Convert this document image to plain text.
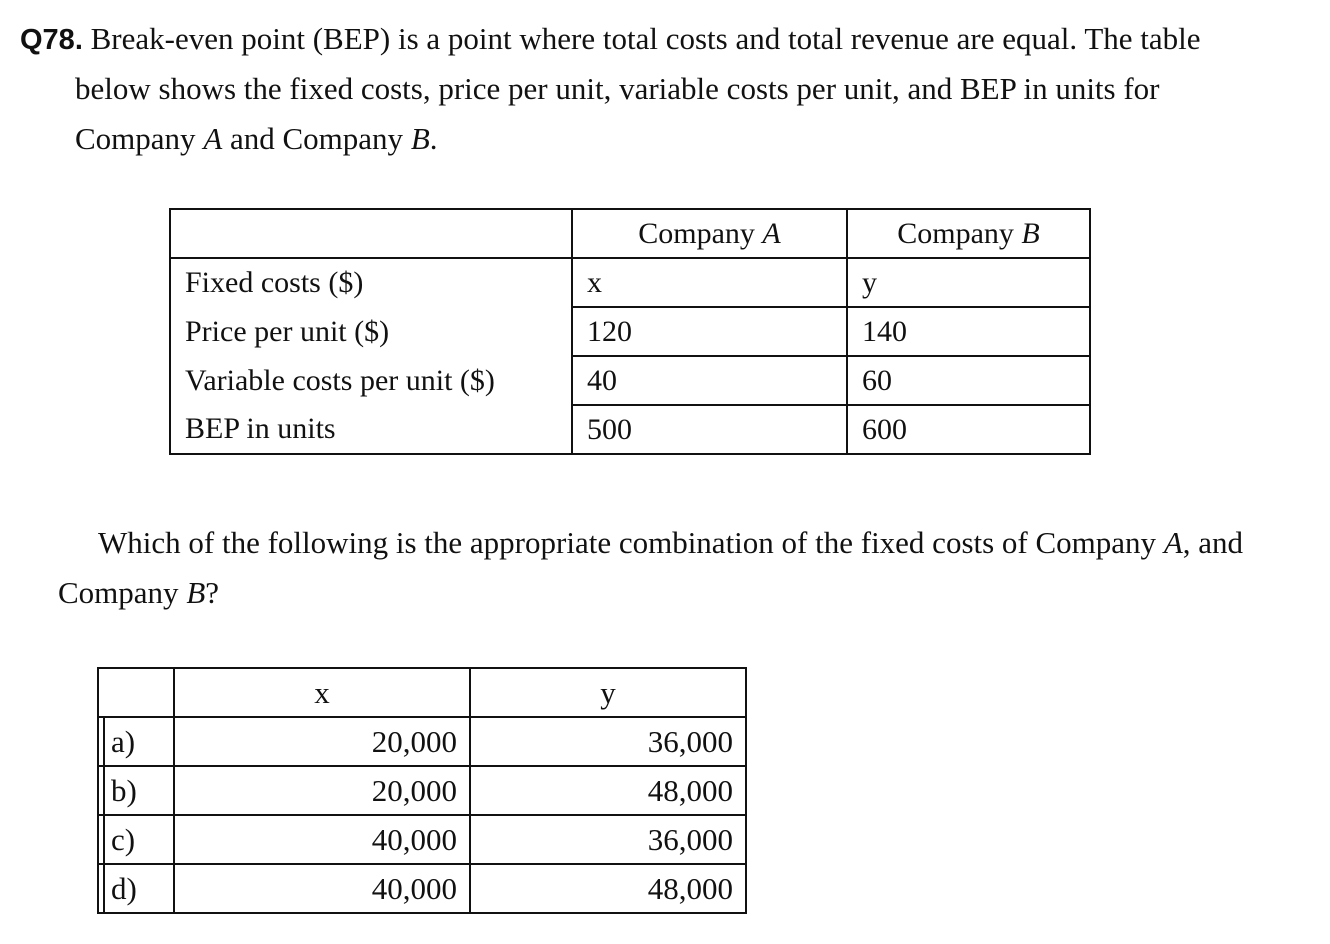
Q78. Break-even point (BEP) is a point where total costs and total revenue are equal. The table
below shows the fixed costs, price per unit, variable costs per unit, and BEP in units for
Company A and Company B.
	Company A	Company B
Fixed costs ($)	x	y
Price per unit ($)	120	140
Variable costs per unit ($)	40	60
BEP in units	500	600
Which of the following is the appropriate combination of the fixed costs of Company A, and
Company B?
	x	y
a)	20,000	36,000
b)	20,000	48,000
c)	40,000	36,000
d)	40,000	48,000
